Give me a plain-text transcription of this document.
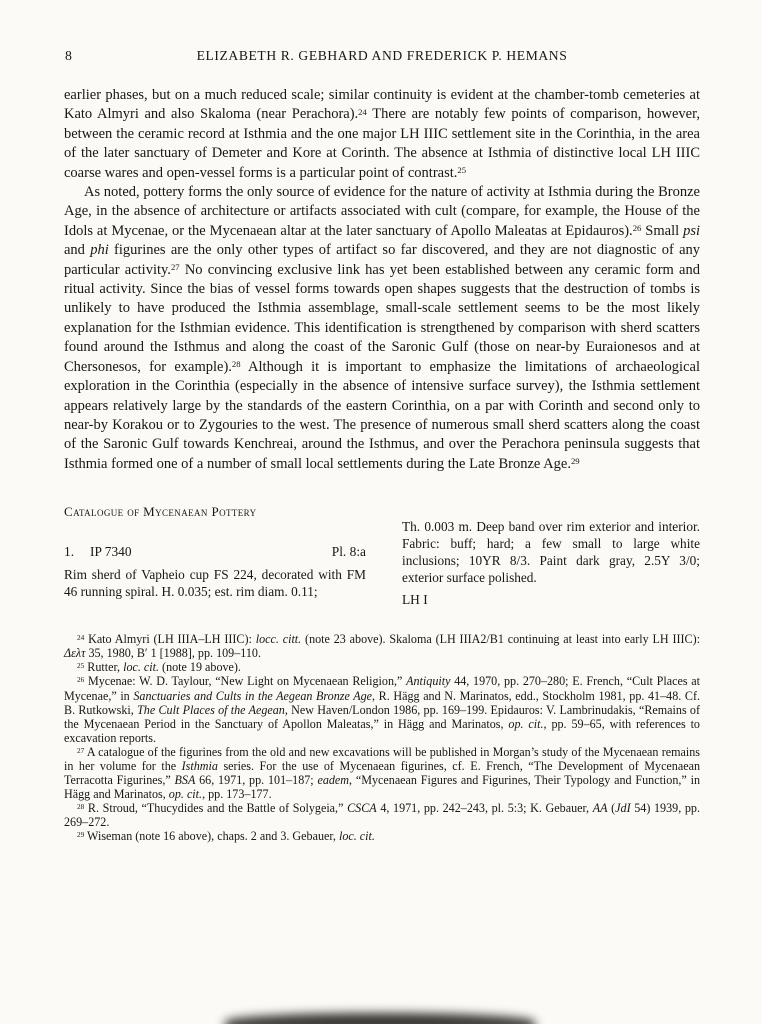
8	ELIZABETH R. GEBHARD AND FREDERICK P. HEMANS

earlier phases, but on a much reduced scale; similar continuity is evident at the chamber-tomb cemeteries at Kato Almyri and also Skaloma (near Perachora).$^{24}$ There are notably few points of comparison, however, between the ceramic record at Isthmia and the one major LH IIIC settlement site in the Corinthia, in the area of the later sanctuary of Demeter and Kore at Corinth. The absence at Isthmia of distinctive local LH IIIC coarse wares and open-vessel forms is a particular point of contrast.$^{25}$

As noted, pottery forms the only source of evidence for the nature of activity at Isthmia during the Bronze Age, in the absence of architecture or artifacts associated with cult (compare, for example, the House of the Idols at Mycenae, or the Mycenaean altar at the later sanctuary of Apollo Maleatas at Epidauros).$^{26}$ Small psi and phi figurines are the only other types of artifact so far discovered, and they are not diagnostic of any particular activity.$^{27}$ No convincing exclusive link has yet been established between any ceramic form and ritual activity. Since the bias of vessel forms towards open shapes suggests that the destruction of tombs is unlikely to have produced the Isthmia assemblage, small-scale settlement seems to be the most likely explanation for the Isthmian evidence. This identification is strengthened by comparison with sherd scatters found around the Isthmus and along the coast of the Saronic Gulf (those on near-by Euraionesos and at Chersonesos, for example).$^{28}$ Although it is important to emphasize the limitations of archaeological exploration in the Corinthia (especially in the absence of intensive surface survey), the Isthmia settlement appears relatively large by the standards of the eastern Corinthia, on a par with Corinth and second only to near-by Korakou or to Zygouries to the west. The presence of numerous small sherd scatters along the coast of the Saronic Gulf towards Kenchreai, around the Isthmus, and over the Perachora peninsula suggests that Isthmia formed one of a number of small local settlements during the Late Bronze Age.$^{29}$

Catalogue of Mycenaean Pottery
1.	IP 7340	Pl. 8:a

Rim sherd of Vapheio cup FS 224, decorated with FM 46 running spiral. H. 0.035; est. rim diam. 0.11;

Th. 0.003 m. Deep band over rim exterior and interior. Fabric: buff; hard; a few small to large white inclusions; 10YR 8/3. Paint dark gray, 2.5Y 3/0; exterior surface polished.

LH I

$^{24}$ Kato Almyri (LH IIIA–LH IIIC): locc. citt. (note 23 above). Skaloma (LH IIIA2/B1 continuing at least into early LH IIIC): Δελτ 35, 1980, B′ 1 [1988], pp. 109–110.

$^{25}$ Rutter, loc. cit. (note 19 above).

$^{26}$ Mycenae: W. D. Taylour, “New Light on Mycenaean Religion,” Antiquity 44, 1970, pp. 270–280; E. French, “Cult Places at Mycenae,” in Sanctuaries and Cults in the Aegean Bronze Age, R. Hägg and N. Marinatos, edd., Stockholm 1981, pp. 41–48. Cf. B. Rutkowski, The Cult Places of the Aegean, New Haven/London 1986, pp. 169–199. Epidauros: V. Lambrinudakis, “Remains of the Mycenaean Period in the Sanctuary of Apollon Maleatas,” in Hägg and Marinatos, op. cit., pp. 59–65, with references to excavation reports.

$^{27}$ A catalogue of the figurines from the old and new excavations will be published in Morgan’s study of the Mycenaean remains in her volume for the Isthmia series. For the use of Mycenaean figurines, cf. E. French, “The Development of Mycenaean Terracotta Figurines,” BSA 66, 1971, pp. 101–187; eadem, “Mycenaean Figures and Figurines, Their Typology and Function,” in Hägg and Marinatos, op. cit., pp. 173–177.

$^{28}$ R. Stroud, “Thucydides and the Battle of Solygeia,” CSCA 4, 1971, pp. 242–243, pl. 5:3; K. Gebauer, AA (JdI 54) 1939, pp. 269–272.

$^{29}$ Wiseman (note 16 above), chaps. 2 and 3. Gebauer, loc. cit.
